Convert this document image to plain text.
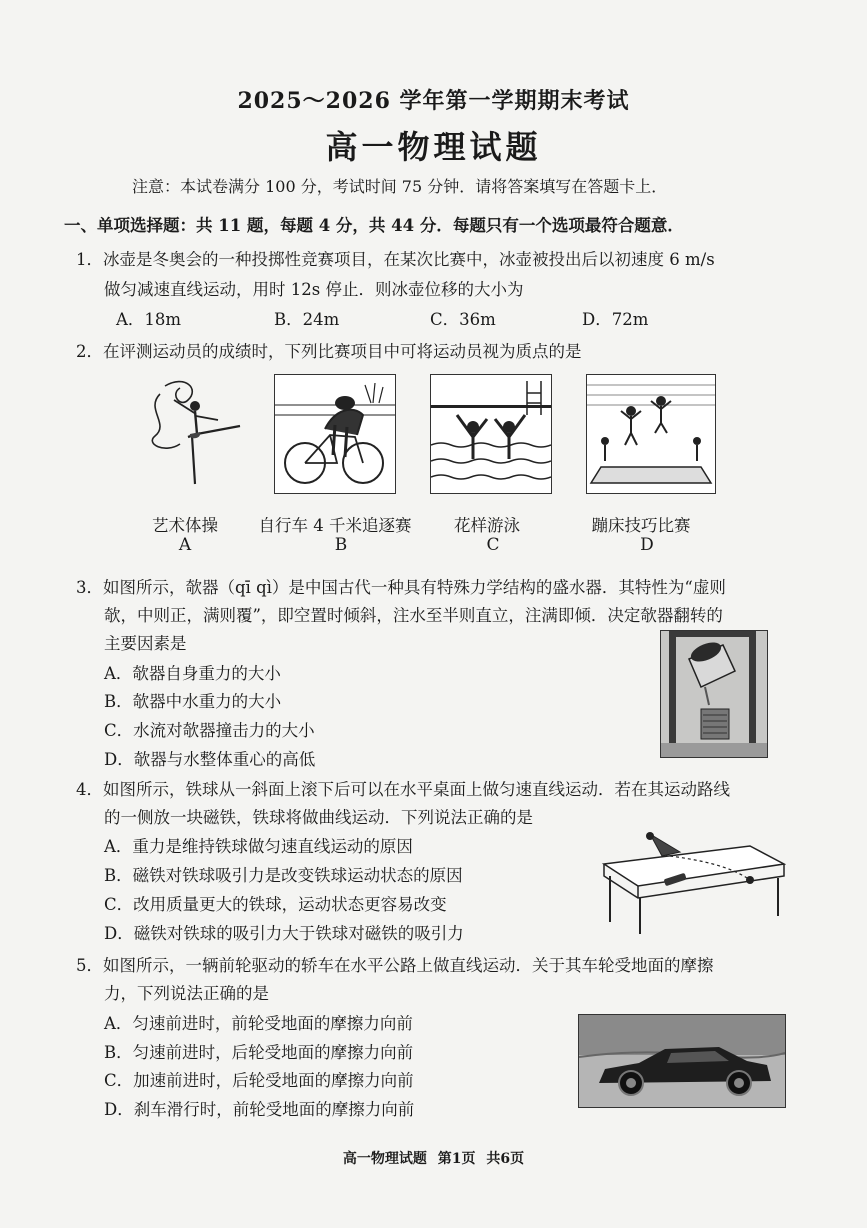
2025～2026 学年第一学期期末考试
高一物理试题
注意：本试卷满分 100 分，考试时间 75 分钟．请将答案填写在答题卡上．
一、单项选择题：共 11 题，每题 4 分，共 44 分．每题只有一个选项最符合题意．
1．冰壶是冬奥会的一种投掷性竞赛项目，在某次比赛中，冰壶被投出后以初速度 6 m/s
做匀减速直线运动，用时 12s 停止．则冰壶位移的大小为
A．18m	B．24m	C．36m	D．72m
2．在评测运动员的成绩时，下列比赛项目中可将运动员视为质点的是
艺术体操
A
自行车 4 千米追逐赛
B
花样游泳
C
蹦床技巧比赛
D
3．如图所示，欹器（qī qì）是中国古代一种具有特殊力学结构的盛水器．其特性为“虚则
欹，中则正，满则覆”，即空置时倾斜，注水至半则直立，注满即倾．决定欹器翻转的
主要因素是
A．欹器自身重力的大小
B．欹器中水重力的大小
C．水流对欹器撞击力的大小
D．欹器与水整体重心的高低
4．如图所示，铁球从一斜面上滚下后可以在水平桌面上做匀速直线运动．若在其运动路线
的一侧放一块磁铁，铁球将做曲线运动．下列说法正确的是
A．重力是维持铁球做匀速直线运动的原因
B．磁铁对铁球吸引力是改变铁球运动状态的原因
C．改用质量更大的铁球，运动状态更容易改变
D．磁铁对铁球的吸引力大于铁球对磁铁的吸引力
5．如图所示，一辆前轮驱动的轿车在水平公路上做直线运动．关于其车轮受地面的摩擦
力，下列说法正确的是
A．匀速前进时，前轮受地面的摩擦力向前
B．匀速前进时，后轮受地面的摩擦力向前
C．加速前进时，后轮受地面的摩擦力向前
D．刹车滑行时，前轮受地面的摩擦力向前
高一物理试题 第1页 共6页
